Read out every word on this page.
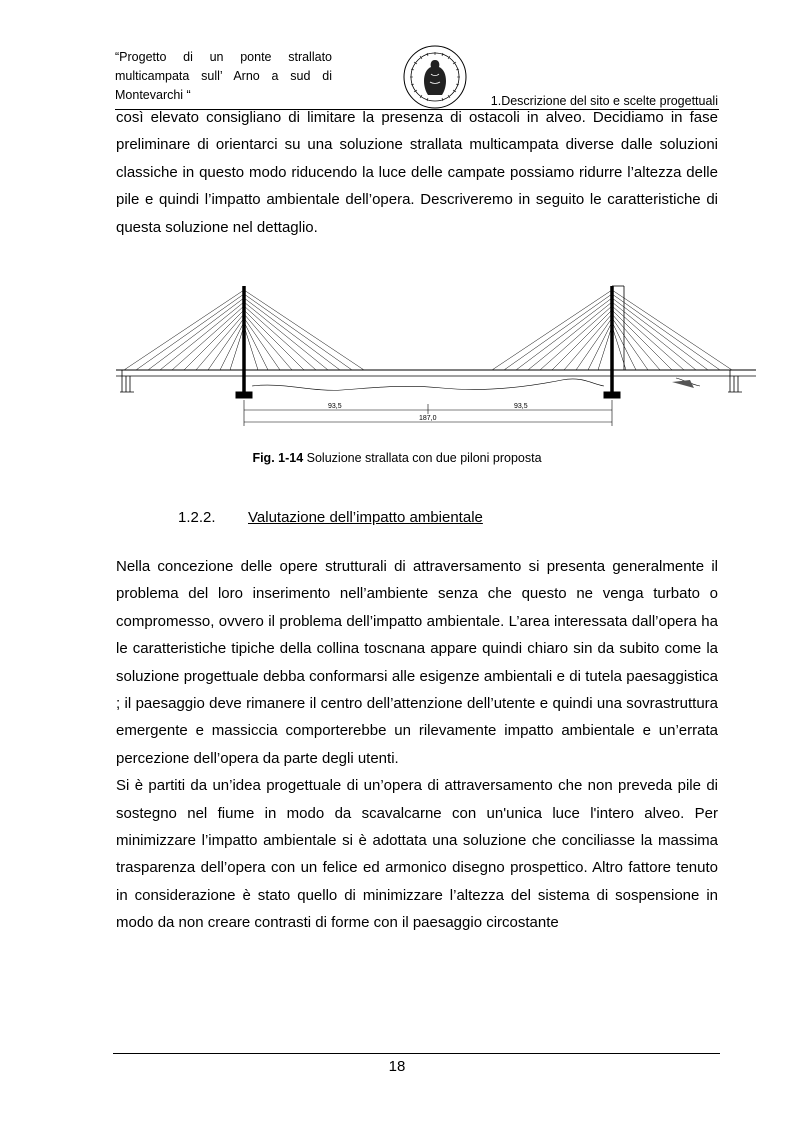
“Progetto di un ponte strallato
multicampata sull’ Arno a sud di
Montevarchi “	1.Descrizione del sito e scelte progettuali

così elevato consigliano di limitare la presenza di ostacoli in alveo. Decidiamo in fase preliminare di orientarci su una soluzione strallata multicampata diverse dalle soluzioni classiche in questo modo riducendo la luce delle campate possiamo ridurre l’altezza delle pile e quindi l’impatto ambientale dell’opera. Descriveremo in seguito le caratteristiche di questa soluzione nel dettaglio.

93,5	93,5
187,0
Fig. 1-14 Soluzione strallata con due piloni proposta
1.2.2. Valutazione dell’impatto ambientale

Nella concezione delle opere strutturali di attraversamento si presenta generalmente il problema del loro inserimento nell’ambiente senza che questo ne venga turbato o compromesso, ovvero il problema dell’impatto ambientale. L’area interessata dall’opera ha le caratteristiche tipiche della collina toscnana appare quindi chiaro sin da subito come la soluzione progettuale debba conformarsi alle esigenze ambientali e di tutela paesaggistica ; il paesaggio deve rimanere il centro dell’attenzione dell’utente e quindi una sovrastruttura emergente e massiccia comporterebbe un rilevamente impatto ambientale e un’errata percezione dell’opera da parte degli utenti.

Si è partiti da un’idea progettuale di un’opera di attraversamento che non preveda pile di sostegno nel fiume in modo da scavalcarne con un'unica luce l'intero alveo. Per minimizzare l’impatto ambientale si è adottata una soluzione che conciliasse la massima trasparenza dell’opera con un felice ed armonico disegno prospettico. Altro fattore tenuto in considerazione è stato quello di minimizzare l’altezza del sistema di sospensione in modo da non creare contrasti di forme con il paesaggio circostante

18
